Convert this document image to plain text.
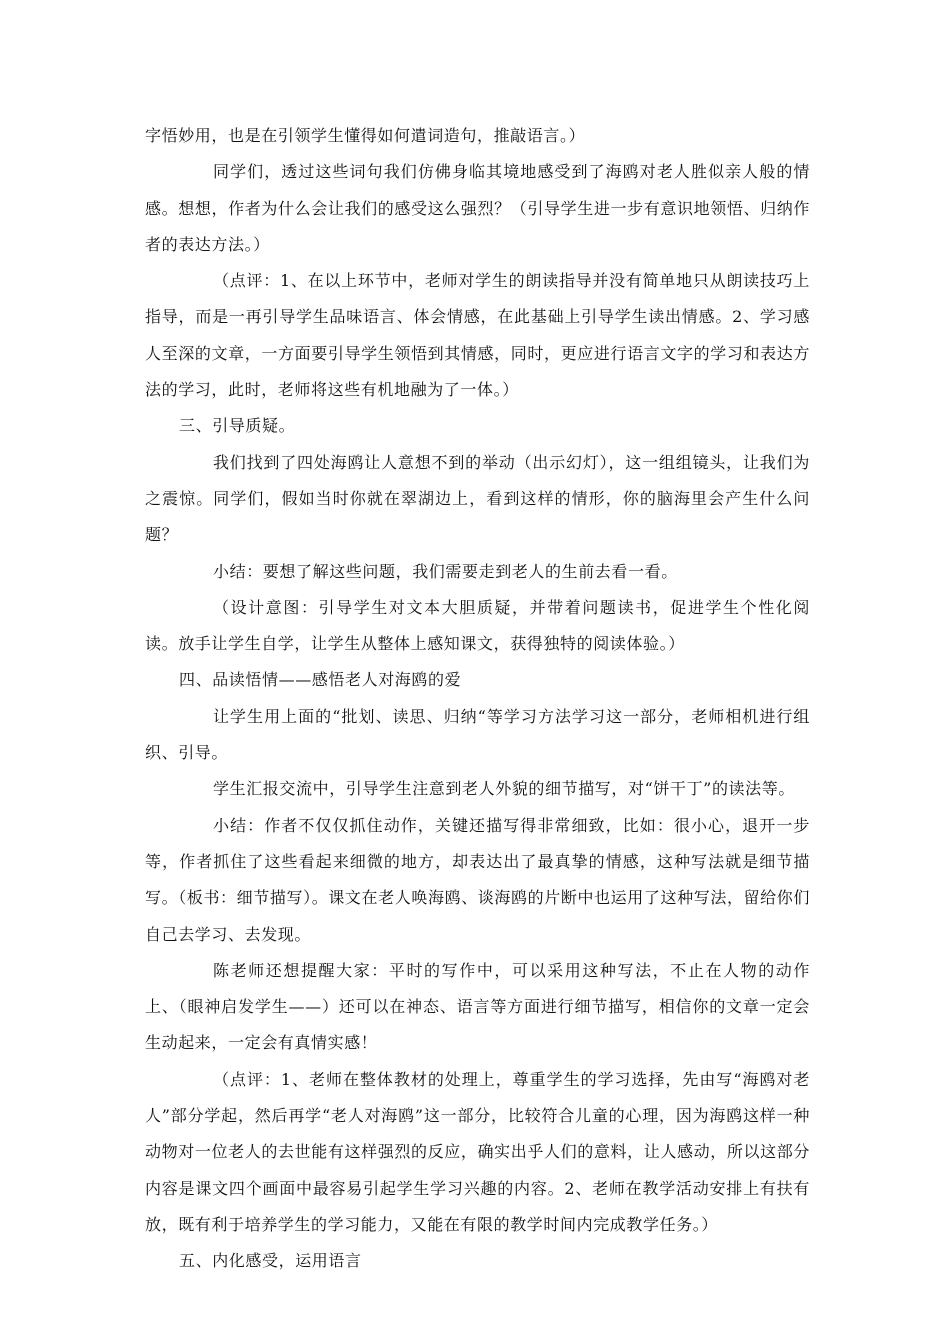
字悟妙用，也是在引领学生懂得如何遣词造句，推敲语言。）

同学们，透过这些词句我们仿佛身临其境地感受到了海鸥对老人胜似亲人般的情感。想想，作者为什么会让我们的感受这么强烈？（引导学生进一步有意识地领悟、归纳作者的表达方法。）

（点评：1、在以上环节中，老师对学生的朗读指导并没有简单地只从朗读技巧上指导，而是一再引导学生品味语言、体会情感，在此基础上引导学生读出情感。2、学习感人至深的文章，一方面要引导学生领悟到其情感，同时，更应进行语言文字的学习和表达方法的学习，此时，老师将这些有机地融为了一体。）

三、引导质疑。

我们找到了四处海鸥让人意想不到的举动（出示幻灯），这一组组镜头，让我们为之震惊。同学们，假如当时你就在翠湖边上，看到这样的情形，你的脑海里会产生什么问题？

小结：要想了解这些问题，我们需要走到老人的生前去看一看。

（设计意图：引导学生对文本大胆质疑，并带着问题读书，促进学生个性化阅读。放手让学生自学，让学生从整体上感知课文，获得独特的阅读体验。）

四、品读悟情——感悟老人对海鸥的爱

让学生用上面的“批划、读思、归纳“等学习方法学习这一部分，老师相机进行组织、引导。

学生汇报交流中，引导学生注意到老人外貌的细节描写，对“饼干丁”的读法等。

小结：作者不仅仅抓住动作，关键还描写得非常细致，比如：很小心，退开一步等，作者抓住了这些看起来细微的地方，却表达出了最真挚的情感，这种写法就是细节描写。（板书：细节描写）。课文在老人唤海鸥、谈海鸥的片断中也运用了这种写法，留给你们自己去学习、去发现。

陈老师还想提醒大家：平时的写作中，可以采用这种写法，不止在人物的动作上、（眼神启发学生——）还可以在神态、语言等方面进行细节描写，相信你的文章一定会生动起来，一定会有真情实感！

（点评：1、老师在整体教材的处理上，尊重学生的学习选择，先由写“海鸥对老人”部分学起，然后再学“老人对海鸥”这一部分，比较符合儿童的心理，因为海鸥这样一种动物对一位老人的去世能有这样强烈的反应，确实出乎人们的意料，让人感动，所以这部分内容是课文四个画面中最容易引起学生学习兴趣的内容。2、老师在教学活动安排上有扶有放，既有利于培养学生的学习能力，又能在有限的教学时间内完成教学任务。）

五、内化感受，运用语言
